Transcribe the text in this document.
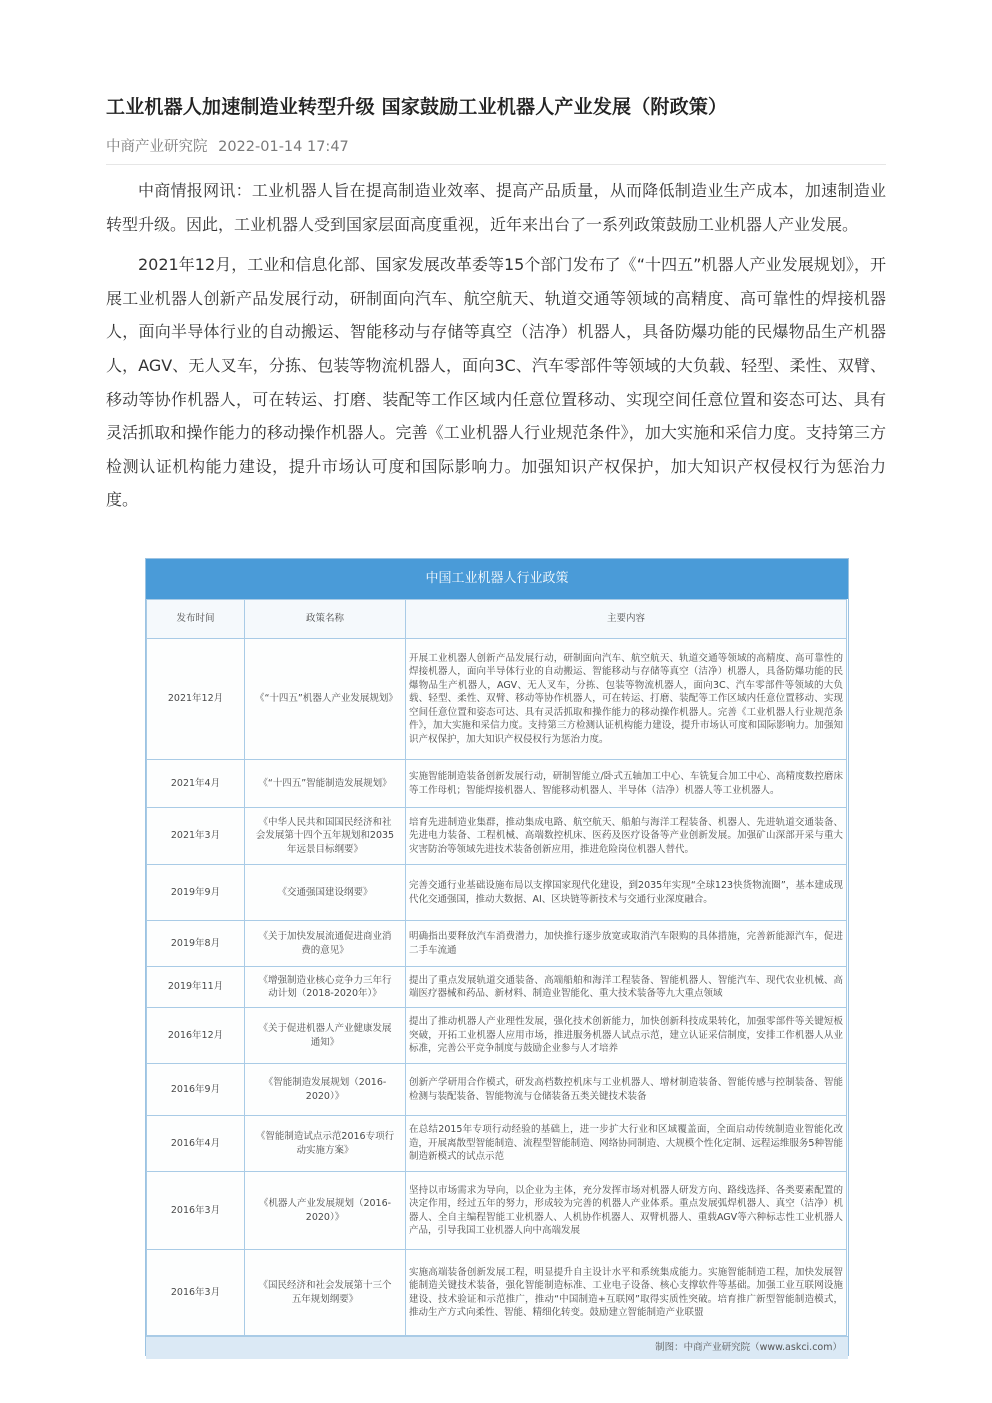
工业机器人加速制造业转型升级 国家鼓励工业机器人产业发展（附政策）
中商产业研究院 2022-01-14 17:47

中商情报网讯：工业机器人旨在提高制造业效率、提高产品质量，从而降低制造业生产成本，加速制造业转型升级。因此，工业机器人受到国家层面高度重视，近年来出台了一系列政策鼓励工业机器人产业发展。

2021年12月，工业和信息化部、国家发展改革委等15个部门发布了《“十四五”机器人产业发展规划》，开展工业机器人创新产品发展行动，研制面向汽车、航空航天、轨道交通等领域的高精度、高可靠性的焊接机器人，面向半导体行业的自动搬运、智能移动与存储等真空（洁净）机器人，具备防爆功能的民爆物品生产机器人，AGV、无人叉车，分拣、包装等物流机器人，面向3C、汽车零部件等领域的大负载、轻型、柔性、双臂、移动等协作机器人，可在转运、打磨、装配等工作区域内任意位置移动、实现空间任意位置和姿态可达、具有灵活抓取和操作能力的移动操作机器人。完善《工业机器人行业规范条件》，加大实施和采信力度。支持第三方检测认证机构能力建设，提升市场认可度和国际影响力。加强知识产权保护，加大知识产权侵权行为惩治力度。

中国工业机器人行业政策
发布时间	政策名称	主要内容
2021年12月	《“十四五”机器人产业发展规划》	开展工业机器人创新产品发展行动，研制面向汽车、航空航天、轨道交通等领域的高精度、高可靠性的焊接机器人，面向半导体行业的自动搬运、智能移动与存储等真空（洁净）机器人，具备防爆功能的民爆物品生产机器人，AGV、无人叉车，分拣、包装等物流机器人，面向3C、汽车零部件等领域的大负载、轻型、柔性、双臂、移动等协作机器人，可在转运、打磨、装配等工作区域内任意位置移动、实现空间任意位置和姿态可达、具有灵活抓取和操作能力的移动操作机器人。完善《工业机器人行业规范条件》，加大实施和采信力度。支持第三方检测认证机构能力建设，提升市场认可度和国际影响力。加强知识产权保护，加大知识产权侵权行为惩治力度。
2021年4月	《“十四五”智能制造发展规划》	实施智能制造装备创新发展行动，研制智能立/卧式五轴加工中心、车铣复合加工中心、高精度数控磨床等工作母机；智能焊接机器人、智能移动机器人、半导体（洁净）机器人等工业机器人。
2021年3月	《中华人民共和国国民经济和社会发展第十四个五年规划和2035年远景目标纲要》	培育先进制造业集群，推动集成电路、航空航天、船舶与海洋工程装备、机器人、先进轨道交通装备、先进电力装备、工程机械、高端数控机床、医药及医疗设备等产业创新发展。加强矿山深部开采与重大灾害防治等领域先进技术装备创新应用，推进危险岗位机器人替代。
2019年9月	《交通强国建设纲要》	完善交通行业基础设施布局以支撑国家现代化建设，到2035年实现“全球123快货物流圈”，基本建成现代化交通强国，推动大数据、AI、区块链等新技术与交通行业深度融合。
2019年8月	《关于加快发展流通促进商业消费的意见》	明确指出要释放汽车消费潜力，加快推行逐步放宽或取消汽车限购的具体措施，完善新能源汽车，促进二手车流通
2019年11月	《增强制造业核心竞争力三年行动计划（2018-2020年）》	提出了重点发展轨道交通装备、高端船舶和海洋工程装备、智能机器人、智能汽车、现代农业机械、高端医疗器械和药品、新材料、制造业智能化、重大技术装备等九大重点领域
2016年12月	《关于促进机器人产业健康发展通知》	提出了推动机器人产业理性发展，强化技术创新能力，加快创新科技成果转化，加强零部件等关键短板突破，开拓工业机器人应用市场，推进服务机器人试点示范，建立认证采信制度，安排工作机器人从业标准，完善公平竞争制度与鼓励企业参与人才培养
2016年9月	《智能制造发展规划（2016-2020）》	创新产学研用合作模式，研发高档数控机床与工业机器人、增材制造装备、智能传感与控制装备、智能检测与装配装备、智能物流与仓储装备五类关键技术装备
2016年4月	《智能制造试点示范2016专项行动实施方案》	在总结2015年专项行动经验的基础上，进一步扩大行业和区域覆盖面，全面启动传统制造业智能化改造，开展离散型智能制造、流程型智能制造、网络协同制造、大规模个性化定制、远程运维服务5种智能制造新模式的试点示范
2016年3月	《机器人产业发展规划（2016-2020）》	坚持以市场需求为导向，以企业为主体，充分发挥市场对机器人研发方向、路线选择、各类要素配置的决定作用，经过五年的努力，形成较为完善的机器人产业体系。重点发展弧焊机器人、真空（洁净）机器人、全自主编程智能工业机器人、人机协作机器人、双臂机器人、重载AGV等六种标志性工业机器人产品，引导我国工业机器人向中高端发展
2016年3月	《国民经济和社会发展第十三个五年规划纲要》	实施高端装备创新发展工程，明显提升自主设计水平和系统集成能力。实施智能制造工程，加快发展智能制造关键技术装备，强化智能制造标准、工业电子设备、核心支撑软件等基础。加强工业互联网设施建设、技术验证和示范推广，推动“中国制造+互联网”取得实质性突破。培育推广新型智能制造模式，推动生产方式向柔性、智能、精细化转变。鼓励建立智能制造产业联盟
制图：中商产业研究院（www.askci.com）
